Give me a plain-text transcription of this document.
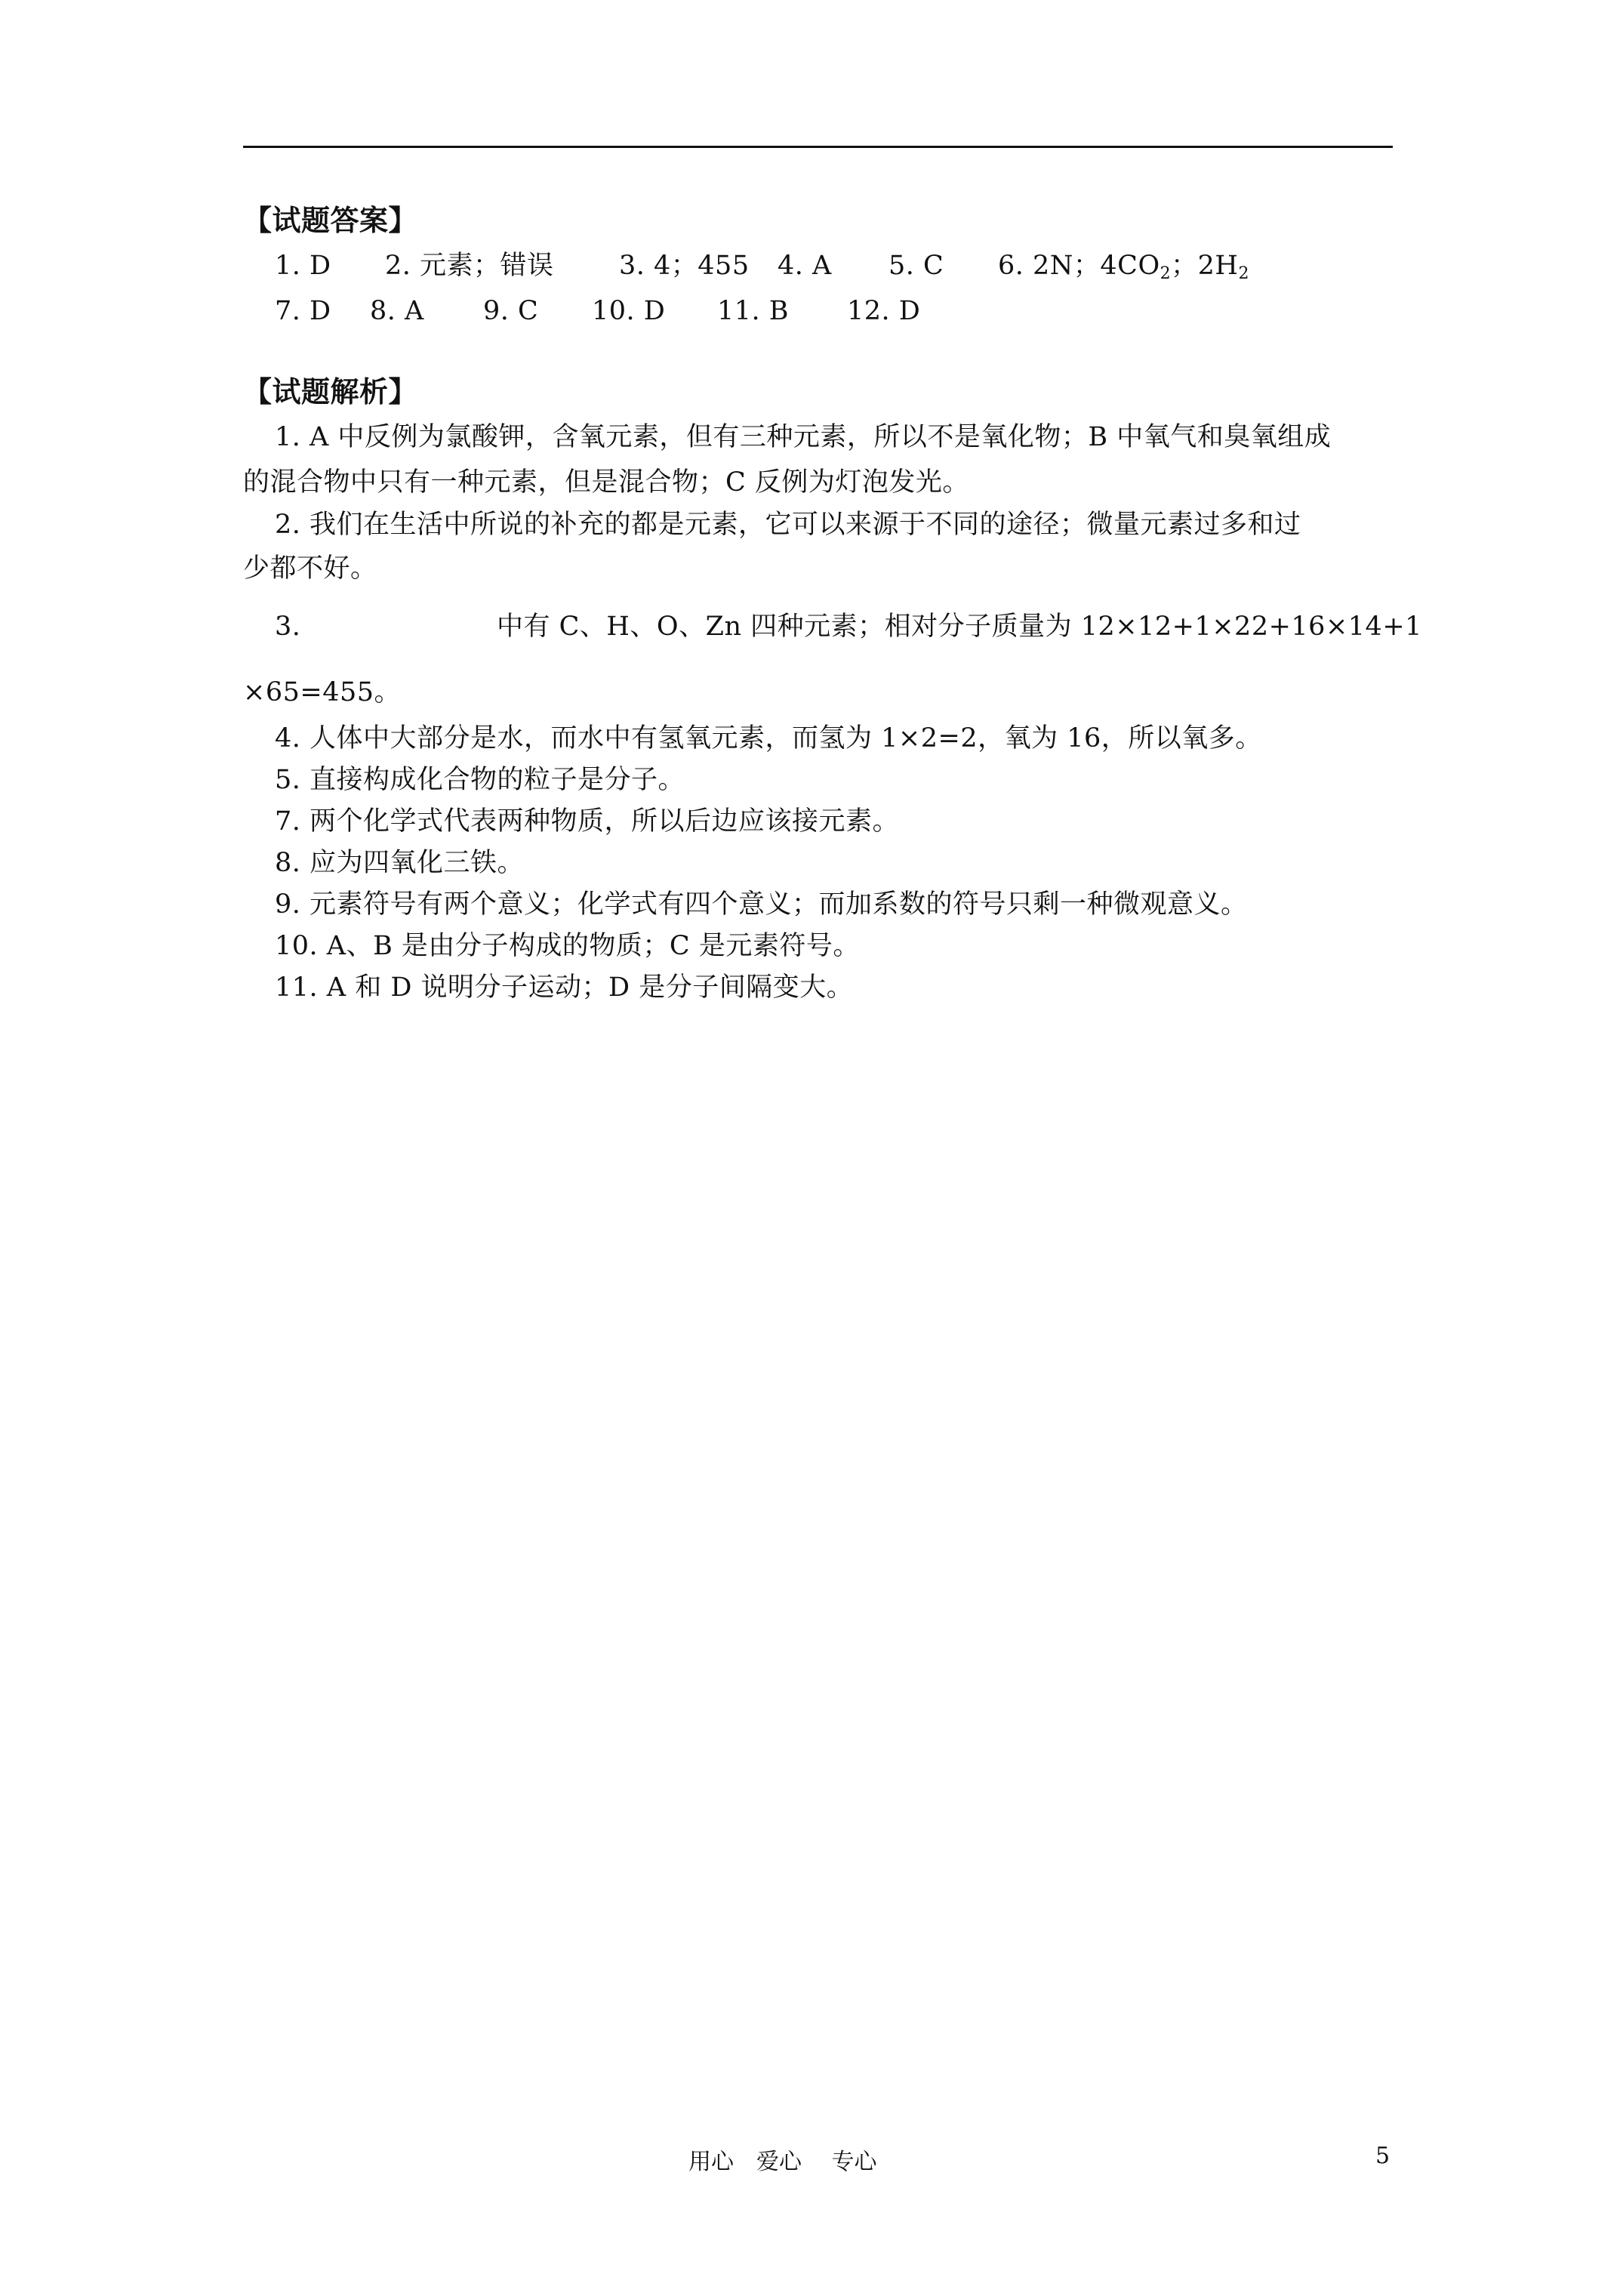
【试题答案】
1. D 2. 元素；错误 3. 4；455 4. A 5. C 6. 2N；$4CO_2$；$2H_2$
7. D 8. A 9. C 10. D 11. B 12. D
【试题解析】
1. A 中反例为氯酸钾，含氧元素，但有三种元素，所以不是氧化物；B 中氧气和臭氧组成
的混合物中只有一种元素，但是混合物；C 反例为灯泡发光。
2. 我们在生活中所说的补充的都是元素，它可以来源于不同的途径；微量元素过多和过
少都不好。
3.	中有 C、H、O、Zn 四种元素；相对分子质量为 12×12+1×22+16×14+1
×65=455。
4. 人体中大部分是水，而水中有氢氧元素，而氢为 1×2=2，氧为 16，所以氧多。
5. 直接构成化合物的粒子是分子。
7. 两个化学式代表两种物质，所以后边应该接元素。
8. 应为四氧化三铁。
9. 元素符号有两个意义；化学式有四个意义；而加系数的符号只剩一种微观意义。
10. A、B 是由分子构成的物质；C 是元素符号。
11. A 和 D 说明分子运动；D 是分子间隔变大。
用心　爱心　 专心	5
